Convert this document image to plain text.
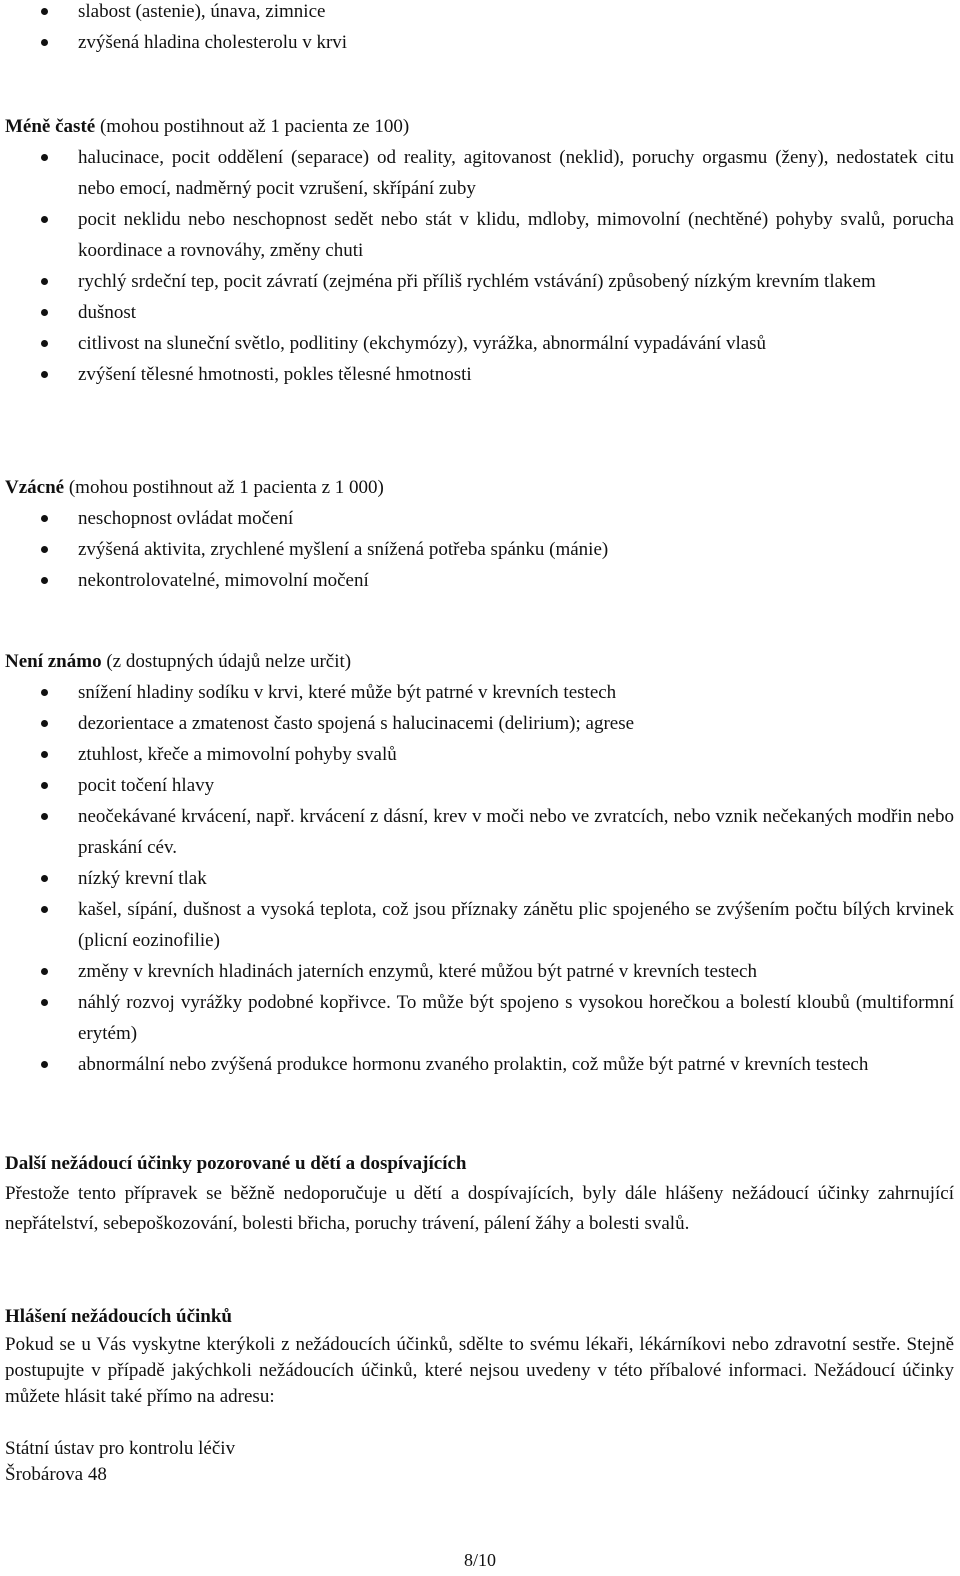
slabost (astenie), únava, zimnice
zvýšená hladina cholesterolu v krvi
Méně časté (mohou postihnout až 1 pacienta ze 100)
halucinace, pocit oddělení (separace) od reality, agitovanost (neklid), poruchy orgasmu (ženy), nedostatek citu nebo emocí, nadměrný pocit vzrušení, skřípání zuby
pocit neklidu nebo neschopnost sedět nebo stát v klidu, mdloby, mimovolní (nechtěné) pohyby svalů, porucha koordinace a rovnováhy, změny chuti
rychlý srdeční tep, pocit závratí (zejména při příliš rychlém vstávání) způsobený nízkým krevním tlakem
dušnost
citlivost na sluneční světlo, podlitiny (ekchymózy), vyrážka, abnormální vypadávání vlasů
zvýšení tělesné hmotnosti, pokles tělesné hmotnosti
Vzácné (mohou postihnout až 1 pacienta z 1 000)
neschopnost ovládat močení
zvýšená aktivita, zrychlené myšlení a snížená potřeba spánku (mánie)
nekontrolovatelné, mimovolní močení
Není známo (z dostupných údajů nelze určit)
snížení hladiny sodíku v krvi, které může být patrné v krevních testech
dezorientace a zmatenost často spojená s halucinacemi (delirium); agrese
ztuhlost, křeče a mimovolní pohyby svalů
pocit točení hlavy
neočekávané krvácení, např. krvácení z dásní, krev v moči nebo ve zvratcích, nebo vznik nečekaných modřin nebo praskání cév.
nízký krevní tlak
kašel, sípání, dušnost a vysoká teplota, což jsou příznaky zánětu plic spojeného se zvýšením počtu bílých krvinek (plicní eozinofilie)
změny v krevních hladinách jaterních enzymů, které můžou být patrné v krevních testech
náhlý rozvoj vyrážky podobné kopřivce. To může být spojeno s vysokou horečkou a bolestí kloubů (multiformní erytém)
abnormální nebo zvýšená produkce hormonu zvaného prolaktin, což může být patrné v krevních testech
Další nežádoucí účinky pozorované u dětí a dospívajících
Přestože tento přípravek se běžně nedoporučuje u dětí a dospívajících, byly dále hlášeny nežádoucí účinky zahrnující nepřátelství, sebepoškozování, bolesti břicha, poruchy trávení, pálení žáhy a bolesti svalů.
Hlášení nežádoucích účinků
Pokud se u Vás vyskytne kterýkoli z nežádoucích účinků, sdělte to svému lékaři, lékárníkovi nebo zdravotní sestře. Stejně postupujte v případě jakýchkoli nežádoucích účinků, které nejsou uvedeny v této příbalové informaci. Nežádoucí účinky můžete hlásit také přímo na adresu:
Státní ústav pro kontrolu léčiv
Šrobárova 48
8/10
